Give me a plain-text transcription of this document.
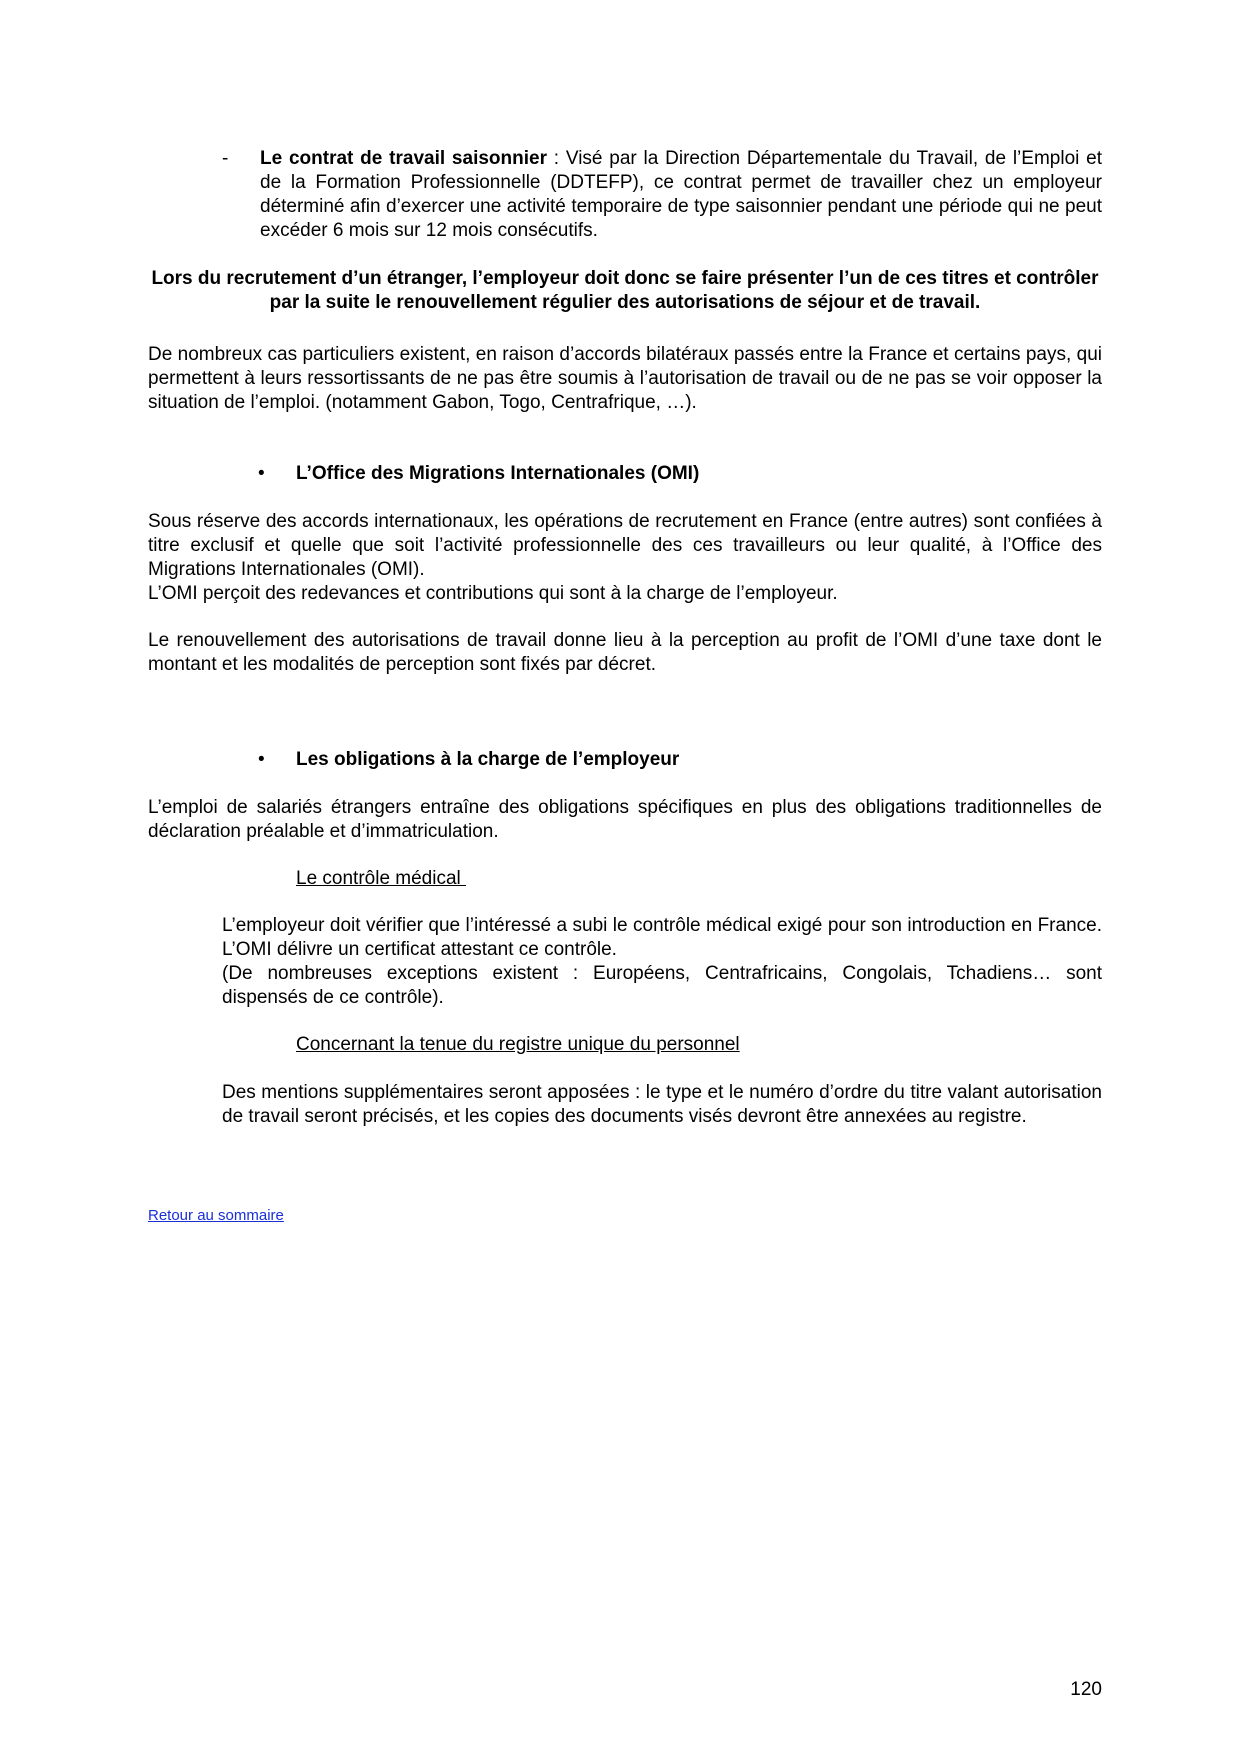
- Le contrat de travail saisonnier : Visé par la Direction Départementale du Travail, de l’Emploi et de la Formation Professionnelle (DDTEFP), ce contrat permet de travailler chez un employeur déterminé afin d’exercer une activité temporaire de type saisonnier pendant une période qui ne peut excéder 6 mois sur 12 mois consécutifs.
Lors du recrutement d’un étranger, l’employeur doit donc se faire présenter l’un de ces titres et contrôler par la suite le renouvellement régulier des autorisations de séjour et de travail.
De nombreux cas particuliers existent, en raison d’accords bilatéraux passés entre la France et certains pays, qui permettent à leurs ressortissants de ne pas être soumis à l’autorisation de travail ou de ne pas se voir opposer la situation de l’emploi. (notamment Gabon, Togo, Centrafrique, …).
• L’Office des Migrations Internationales (OMI)
Sous réserve des accords internationaux, les opérations de recrutement en France (entre autres) sont confiées à titre exclusif et quelle que soit l’activité professionnelle des ces travailleurs ou leur qualité, à l’Office des Migrations Internationales (OMI).
L’OMI perçoit des redevances et contributions qui sont à la charge de l’employeur.
Le renouvellement des autorisations de travail donne lieu à la perception au profit de l’OMI d’une taxe dont le montant et les modalités de perception sont fixés par décret.
• Les obligations à la charge de l’employeur
L’emploi de salariés étrangers entraîne des obligations spécifiques en plus des obligations traditionnelles de déclaration préalable et d’immatriculation.
Le contrôle médical
L’employeur doit vérifier que l’intéressé a subi le contrôle médical exigé pour son introduction en France. L’OMI délivre un certificat attestant ce contrôle.
(De nombreuses exceptions existent : Européens, Centrafricains, Congolais, Tchadiens… sont dispensés de ce contrôle).
Concernant la tenue du registre unique du personnel
Des mentions supplémentaires seront apposées : le type et le numéro d’ordre du titre valant autorisation de travail seront précisés, et les copies des documents visés devront être annexées au registre.
Retour au sommaire
120
